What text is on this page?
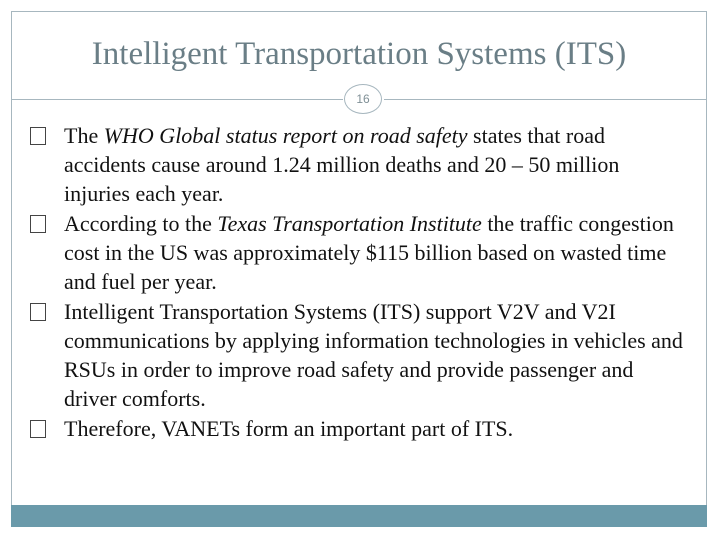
Intelligent Transportation Systems (ITS)
16
The WHO Global status report on road safety states that road accidents cause around 1.24 million deaths and 20 – 50 million injuries each year.
According to the Texas Transportation Institute the traffic congestion cost in the US was approximately $115 billion based on wasted time and fuel per year.
Intelligent Transportation Systems (ITS) support V2V and V2I communications by applying information technologies in vehicles and RSUs in order to improve road safety and provide passenger and driver comforts.
Therefore, VANETs form an important part of ITS.
